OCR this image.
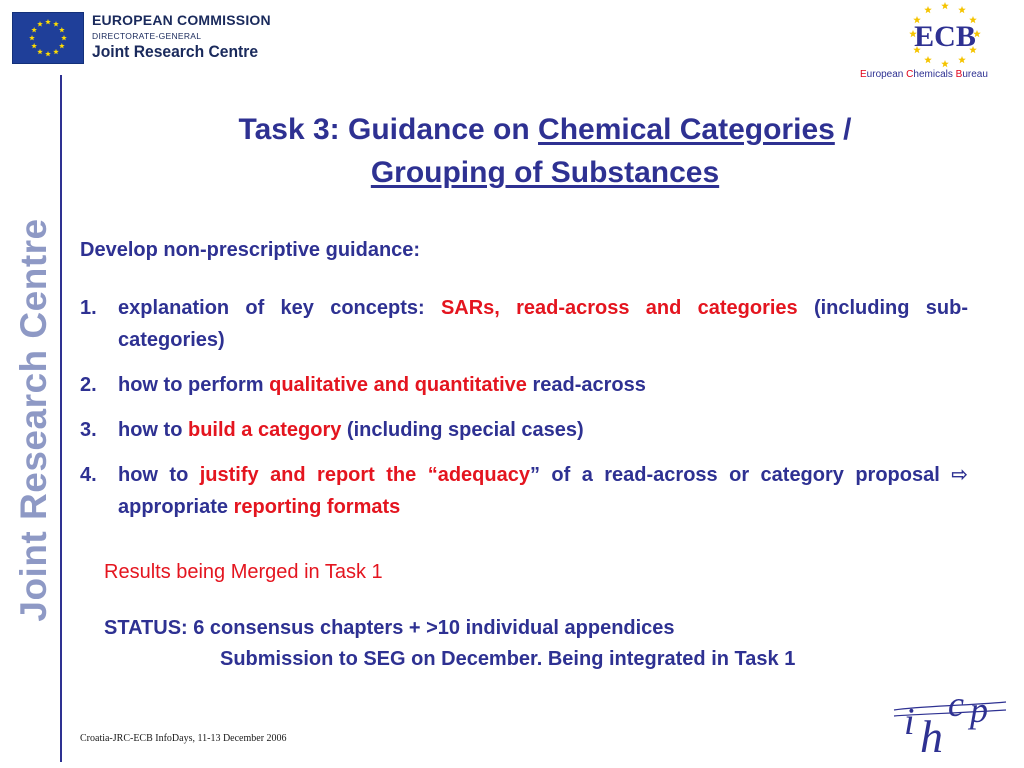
EUROPEAN COMMISSION
DIRECTORATE-GENERAL
Joint Research Centre	ECB
European Chemicals Bureau
Joint Research Centre
Task 3: Guidance on Chemical Categories /
Grouping of Substances
Develop non-prescriptive guidance:
1. explanation of key concepts: SARs, read-across and categories (including sub-categories)
2. how to perform qualitative and quantitative read-across
3. how to build a category (including special cases)
4. how to justify and report the “adequacy” of a read-across or category proposal ⇨ appropriate reporting formats
Results being Merged in Task 1
STATUS: 6 consensus chapters + >10 individual appendices
Submission to SEG on December. Being integrated in Task 1
Croatia-JRC-ECB InfoDays, 11-13 December 2006	i h
c p
